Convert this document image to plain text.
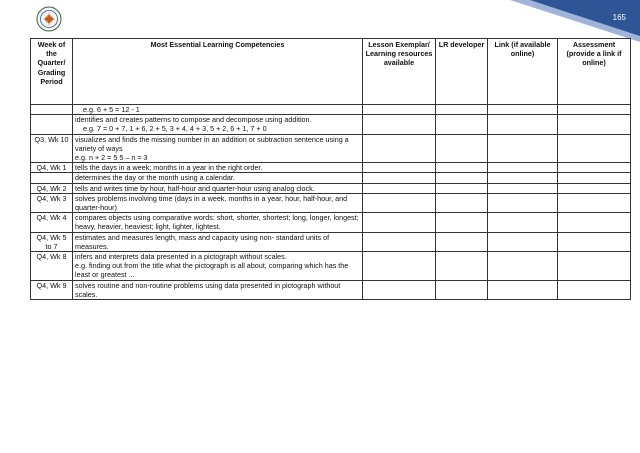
165
Week of the Quarter/ Grading Period	Most Essential Learning Competencies	Lesson Exemplar/ Learning resources available	LR developer	Link (if available online)	Assessment (provide a link if online)
	e.g. 6 + 5 = 12 - 1				

	identifies and creates patterns to compose and decompose using addition.
e.g. 7 = 0 + 7, 1 + 6, 2 + 5, 3 + 4, 4 + 3, 5 + 2, 6 + 1, 7 + 0				

Q3, Wk 10	visualizes and finds the missing number in an addition or subtraction sentence using a variety of ways
e.g. n + 2 = 5 5 – n = 3				

Q4, Wk 1	tells the days in a week; months in a year in the right order.				
	determines the day or the month using a calendar.				
Q4, Wk 2	tells and writes time by hour, half-hour and quarter-hour using analog clock.				
Q4, Wk 3	solves problems involving time (days in a week, months in a year, hour, half-hour, and quarter-hour)				
Q4, Wk 4	compares objects using comparative words: short, shorter, shortest; long, longer, longest; heavy, heavier, heaviest; light, lighter, lightest.				
Q4, Wk 5 to 7	estimates and measures length, mass and capacity using non- standard units of measures.				
Q4, Wk 8	infers and interprets data presented in a pictograph without scales.
e.g. finding out from the title what the pictograph is all about, comparing which has the least or greatest ...				

Q4, Wk 9	solves routine and non-routine problems using data presented in pictograph without scales.				
